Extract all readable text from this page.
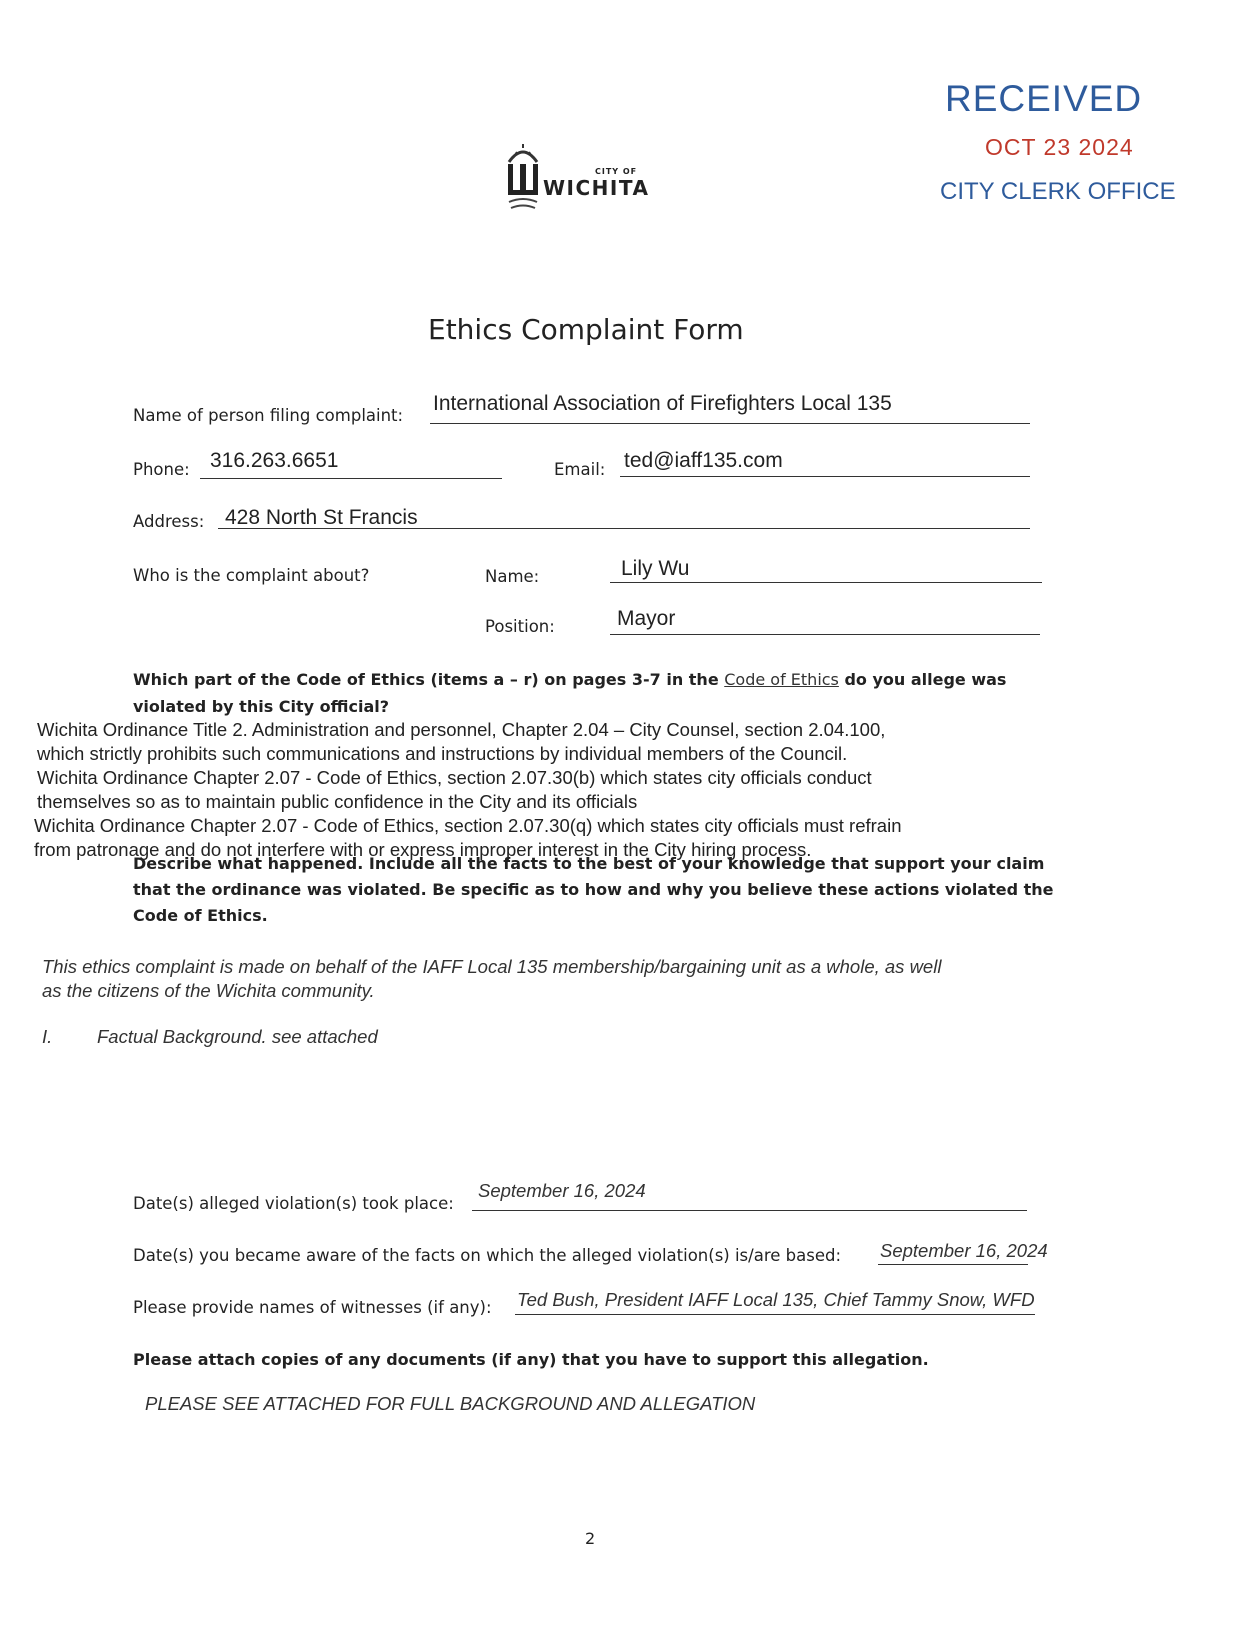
CITY OF
WICHITA
RECEIVED
OCT 23 2024
CITY CLERK OFFICE
Ethics Complaint Form
Name of person filing complaint:
International Association of Firefighters Local 135
Phone: 316.263.6651	Email: ted@iaff135.com
Address: 428 North St Francis
Who is the complaint about?	Name:	Lily Wu
Position:	Mayor
Which part of the Code of Ethics (items a – r) on pages 3-7 in the Code of Ethics do you allege was
violated by this City official?
Wichita Ordinance Title 2. Administration and personnel, Chapter 2.04 – City Counsel, section 2.04.100,
which strictly prohibits such communications and instructions by individual members of the Council.
Wichita Ordinance Chapter 2.07 - Code of Ethics, section 2.07.30(b) which states city officials conduct
themselves so as to maintain public confidence in the City and its officials
Wichita Ordinance Chapter 2.07 - Code of Ethics, section 2.07.30(q) which states city officials must refrain
from patronage and do not interfere with or express improper interest in the City hiring process.
Describe what happened. Include all the facts to the best of your knowledge that support your claim
that the ordinance was violated. Be specific as to how and why you believe these actions violated the
Code of Ethics.
This ethics complaint is made on behalf of the IAFF Local 135 membership/bargaining unit as a whole, as well
as the citizens of the Wichita community.
I. Factual Background. see attached
Date(s) alleged violation(s) took place:
September 16, 2024
Date(s) you became aware of the facts on which the alleged violation(s) is/are based: September 16, 2024
Please provide names of witnesses (if any): Ted Bush, President IAFF Local 135, Chief Tammy Snow, WFD
Please attach copies of any documents (if any) that you have to support this allegation.
PLEASE SEE ATTACHED FOR FULL BACKGROUND AND ALLEGATION
2
